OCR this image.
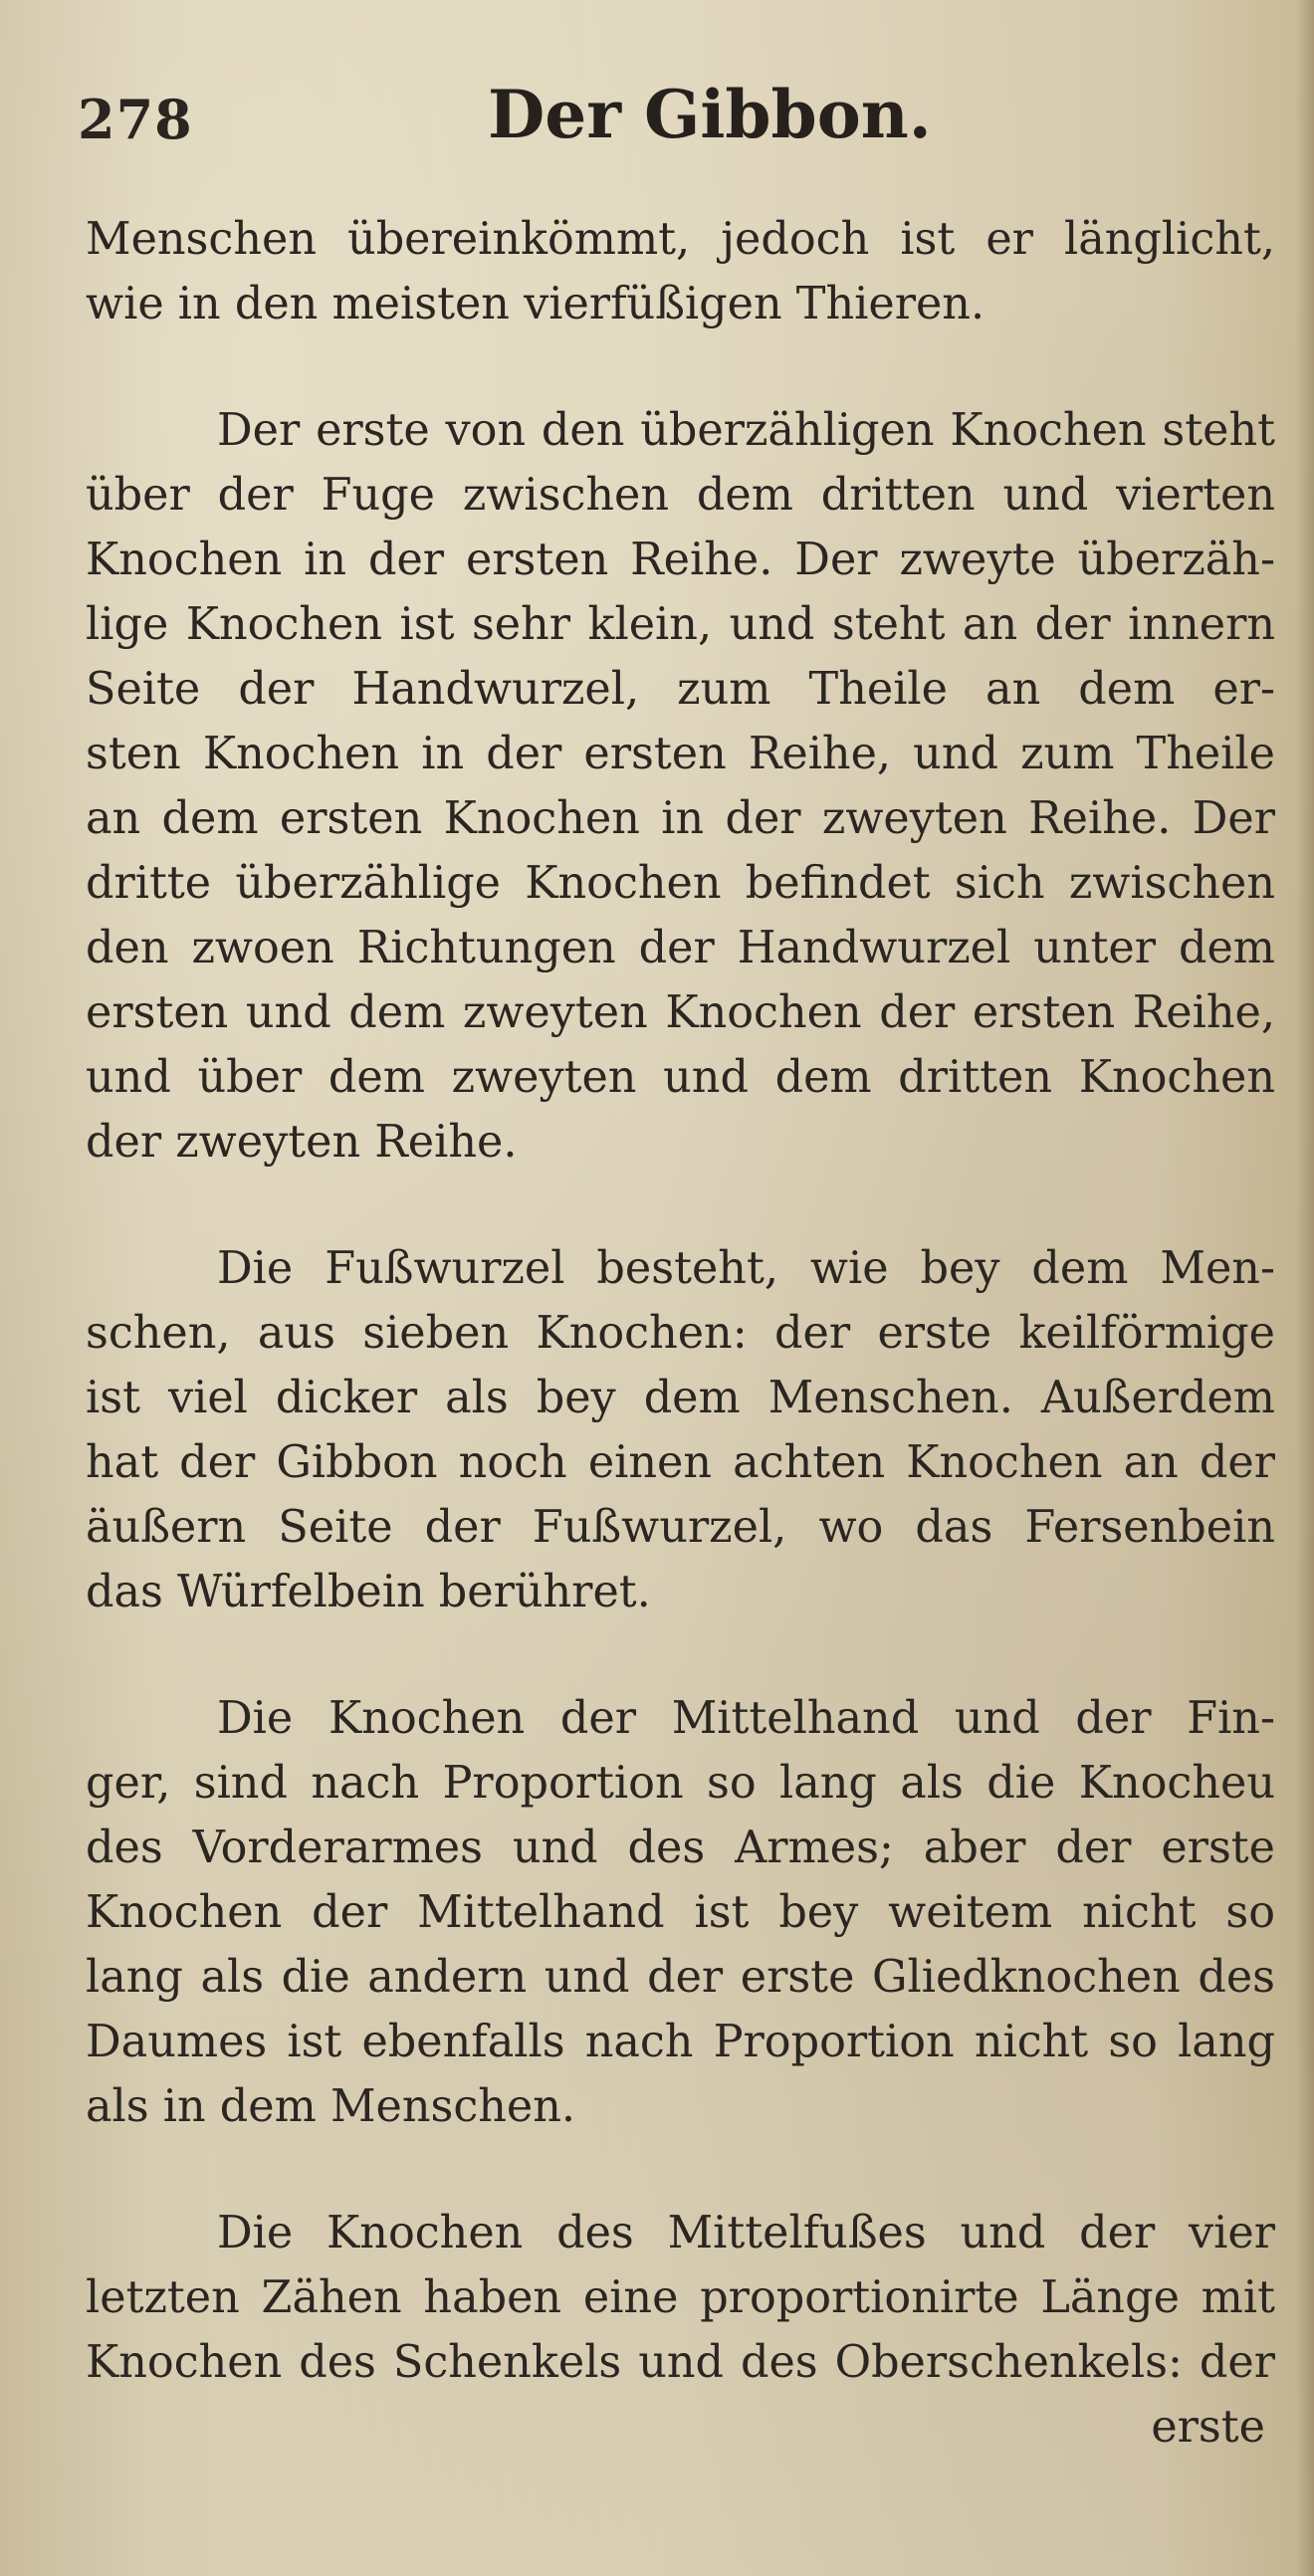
278	Der Gibbon.
Menschen übereinkömmt, jedoch ist er länglicht,
wie in den meisten vierfüßigen Thieren.
Der erste von den überzähligen Knochen steht
über der Fuge zwischen dem dritten und vierten
Knochen in der ersten Reihe. Der zweyte überzäh-
lige Knochen ist sehr klein, und steht an der innern
Seite der Handwurzel, zum Theile an dem er-
sten Knochen in der ersten Reihe, und zum Theile
an dem ersten Knochen in der zweyten Reihe. Der
dritte überzählige Knochen befindet sich zwischen
den zwoen Richtungen der Handwurzel unter dem
ersten und dem zweyten Knochen der ersten Reihe,
und über dem zweyten und dem dritten Knochen
der zweyten Reihe.
Die Fußwurzel besteht, wie bey dem Men-
schen, aus sieben Knochen: der erste keilförmige
ist viel dicker als bey dem Menschen. Außerdem
hat der Gibbon noch einen achten Knochen an der
äußern Seite der Fußwurzel, wo das Fersenbein
das Würfelbein berühret.
Die Knochen der Mittelhand und der Fin-
ger, sind nach Proportion so lang als die Knocheu
des Vorderarmes und des Armes; aber der erste
Knochen der Mittelhand ist bey weitem nicht so
lang als die andern und der erste Gliedknochen des
Daumes ist ebenfalls nach Proportion nicht so lang
als in dem Menschen.
Die Knochen des Mittelfußes und der vier
letzten Zähen haben eine proportionirte Länge mit
Knochen des Schenkels und des Oberschenkels: der
erste
